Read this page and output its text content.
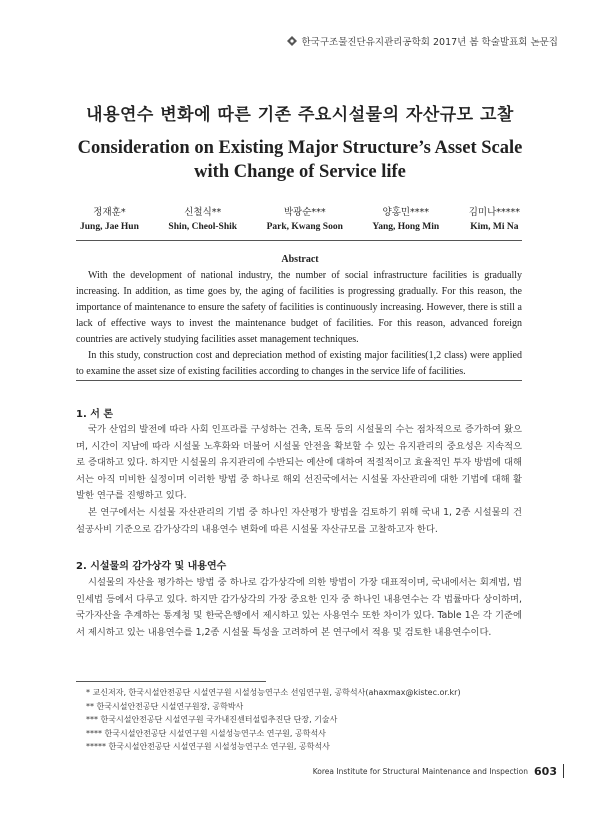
한국구조물진단유지관리공학회 2017년 봄 학술발표회 논문집
내용연수 변화에 따른 기존 주요시설물의 자산규모 고찰
Consideration on Existing Major Structure’s Asset Scale with Change of Service life
정재훈*
Jung, Jae Hun
신철식**
Shin, Cheol-Shik
박광순***
Park, Kwang Soon
양홍민****
Yang, Hong Min
김미나*****
Kim, Mi Na
Abstract

With the development of national industry, the number of social infrastructure facilities is gradually increasing. In addition, as time goes by, the aging of facilities is progressing gradually. For this reason, the importance of maintenance to ensure the safety of facilities is continuously increasing. However, there is still a lack of effective ways to invest the maintenance budget of facilities. For this reason, advanced foreign countries are actively studying facilities asset management techniques.

In this study, construction cost and depreciation method of existing major facilities(1,2 class) were applied to examine the asset size of existing facilities according to changes in the service life of facilities.

1. 서 론

국가 산업의 발전에 따라 사회 인프라를 구성하는 건축, 토목 등의 시설물의 수는 점차적으로 증가하여 왔으며, 시간이 지남에 따라 시설물 노후화와 더불어 시설물 안전을 확보할 수 있는 유지관리의 중요성은 지속적으로 증대하고 있다. 하지만 시설물의 유지관리에 수반되는 예산에 대하여 적절적이고 효율적인 투자 방법에 대해서는 아직 미비한 실정이며 이러한 방법 중 하나로 해외 선진국에서는 시설물 자산관리에 대한 기법에 대해 활발한 연구를 진행하고 있다.

본 연구에서는 시설물 자산관리의 기법 중 하나인 자산평가 방법을 검토하기 위해 국내 1, 2종 시설물의 건설공사비 기준으로 감가상각의 내용연수 변화에 따른 시설물 자산규모를 고찰하고자 한다.

2. 시설물의 감가상각 및 내용연수

시설물의 자산을 평가하는 방법 중 하나로 감가상각에 의한 방법이 가장 대표적이며, 국내에서는 회계법, 법인세법 등에서 다루고 있다. 하지만 감가상각의 가장 중요한 인자 중 하나인 내용연수는 각 법률마다 상이하며, 국가자산을 추계하는 통계청 및 한국은행에서 제시하고 있는 사용연수 또한 차이가 있다. Table 1은 각 기준에서 제시하고 있는 내용연수를 1,2종 시설물 특성을 고려하여 본 연구에서 적용 및 검토한 내용연수이다.

* 교신저자, 한국시설안전공단 시설연구원 시설성능연구소 선임연구원, 공학석사(ahaxmax@kistec.or.kr)
** 한국시설안전공단 시설연구원장, 공학박사
*** 한국시설안전공단 시설연구원 국가내진센터설립추진단 단장, 기술사
**** 한국시설안전공단 시설연구원 시설성능연구소 연구원, 공학석사
***** 한국시설안전공단 시설연구원 시설성능연구소 연구원, 공학석사
Korea Institute for Structural Maintenance and Inspection 603
